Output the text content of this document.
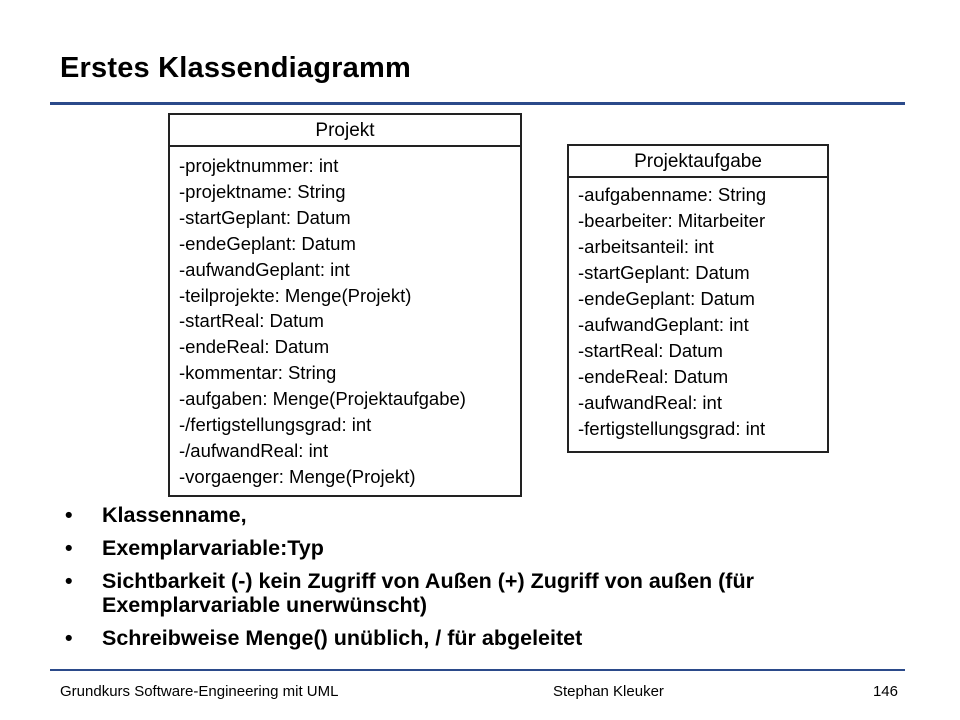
Erstes Klassendiagramm
Projekt
-projektnummer: int
-projektname: String
-startGeplant: Datum
-endeGeplant: Datum
-aufwandGeplant: int
-teilprojekte: Menge(Projekt)
-startReal: Datum
-endeReal: Datum
-kommentar: String
-aufgaben: Menge(Projektaufgabe)
-/fertigstellungsgrad: int
-/aufwandReal: int
-vorgaenger: Menge(Projekt)
Projektaufgabe
-aufgabenname: String
-bearbeiter: Mitarbeiter
-arbeitsanteil: int
-startGeplant: Datum
-endeGeplant: Datum
-aufwandGeplant: int
-startReal: Datum
-endeReal: Datum
-aufwandReal: int
-fertigstellungsgrad: int
• Klassenname,
• Exemplarvariable:Typ
• Sichtbarkeit (-) kein Zugriff von Außen (+) Zugriff von außen (für Exemplarvariable unerwünscht)
• Schreibweise Menge() unüblich, / für abgeleitet
Grundkurs Software-Engineering mit UML	Stephan Kleuker	146
